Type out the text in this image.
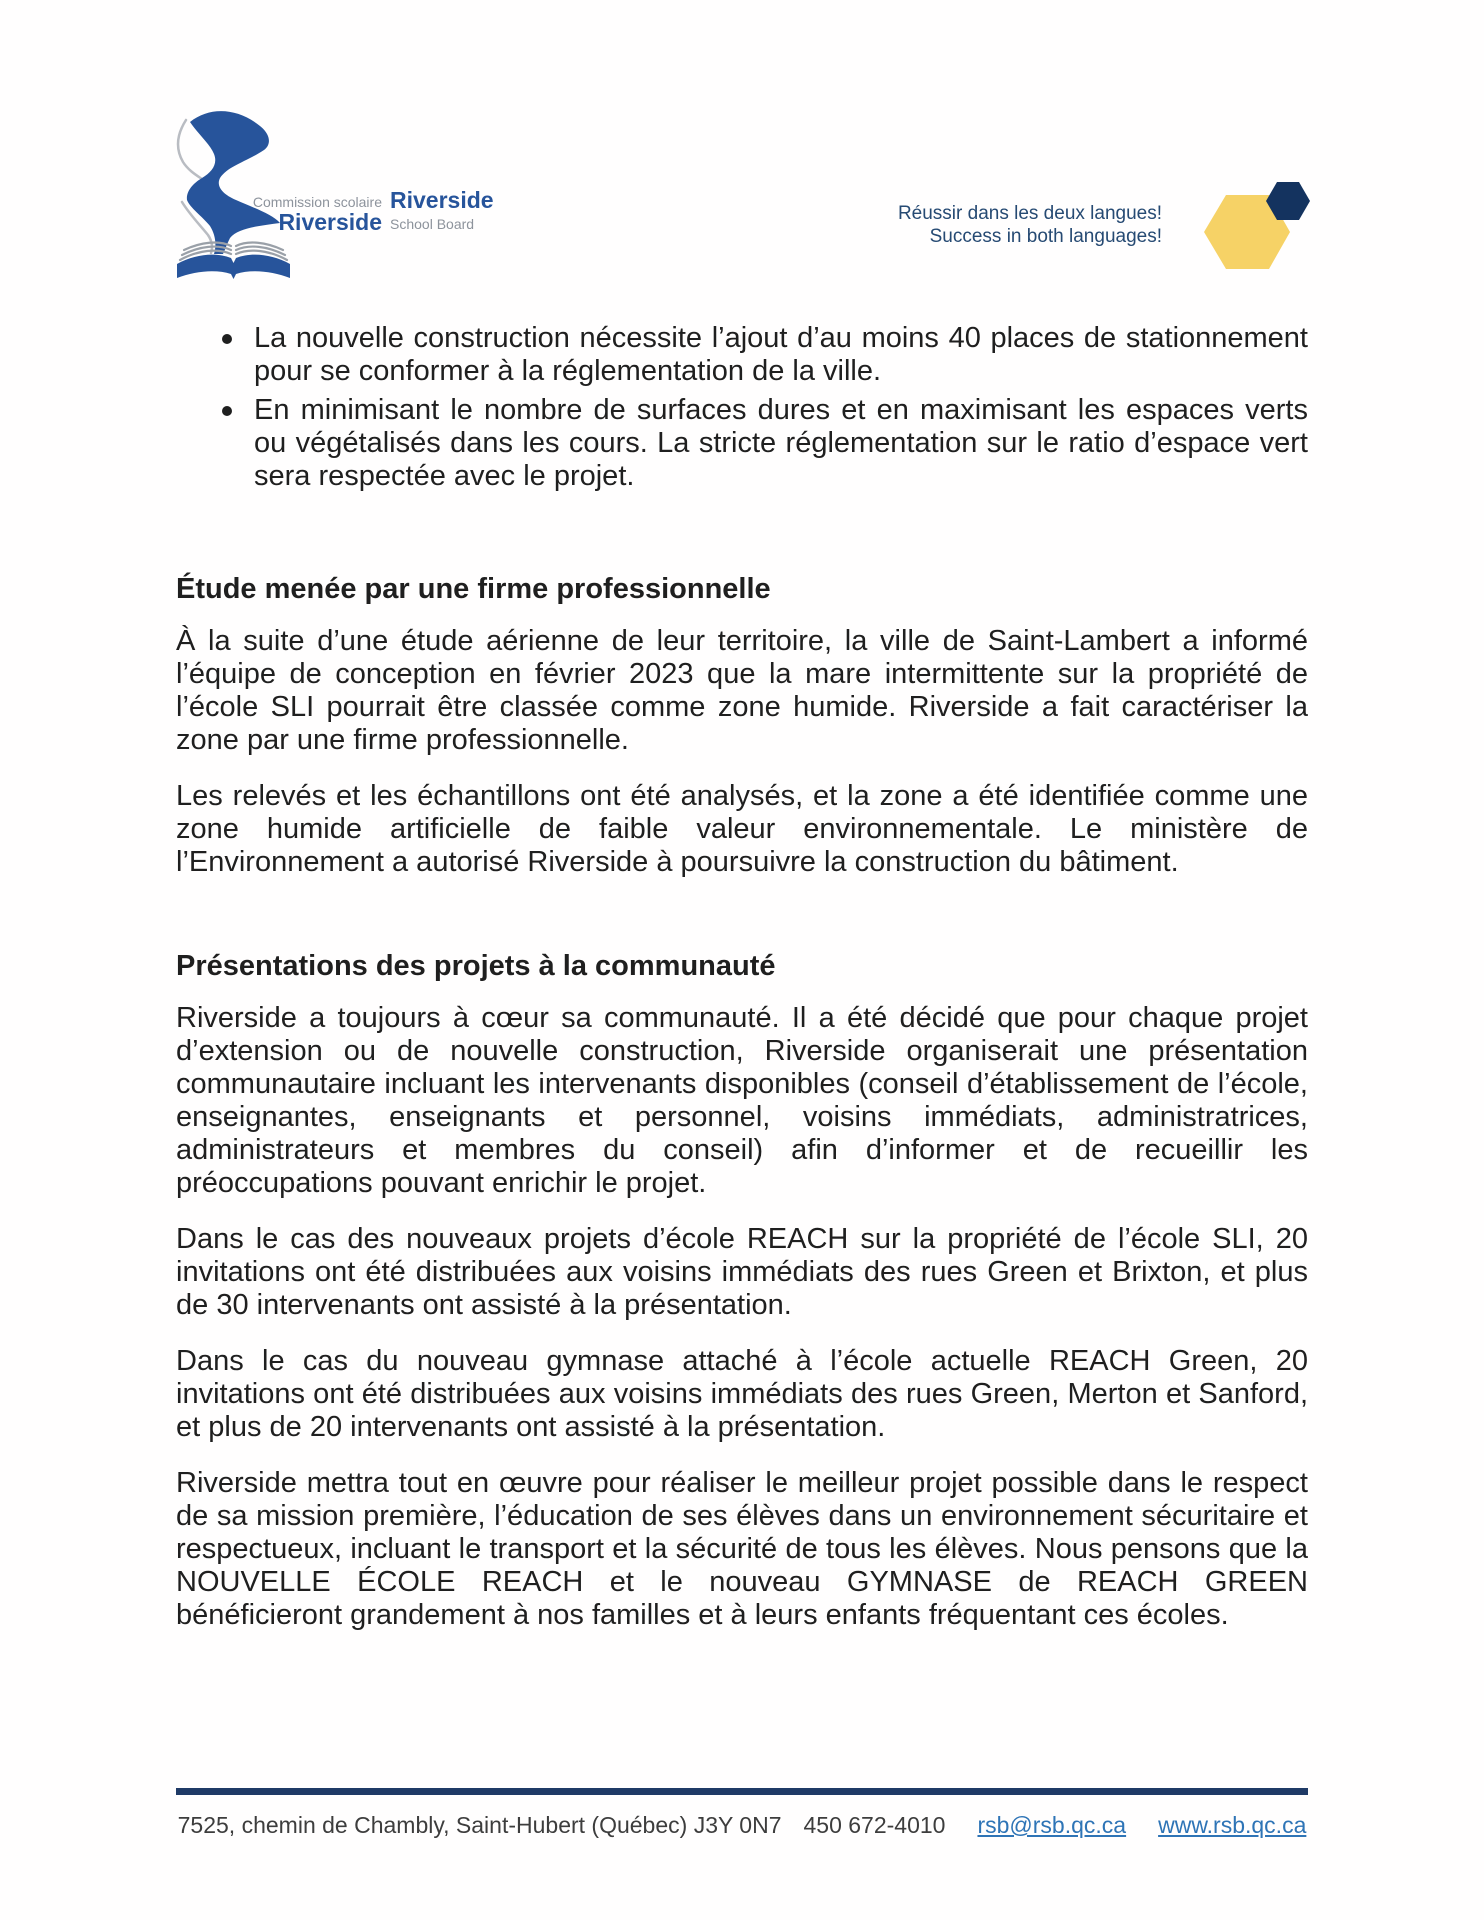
Commission scolaire Riverside
Riverside School Board	Réussir dans les deux langues!
Success in both languages!
La nouvelle construction nécessite l’ajout d’au moins 40 places de stationnement pour se conformer à la réglementation de la ville.
En minimisant le nombre de surfaces dures et en maximisant les espaces verts ou végétalisés dans les cours. La stricte réglementation sur le ratio d’espace vert sera respectée avec le projet.
Étude menée par une firme professionnelle

À la suite d’une étude aérienne de leur territoire, la ville de Saint-Lambert a informé l’équipe de conception en février 2023 que la mare intermittente sur la propriété de l’école SLI pourrait être classée comme zone humide. Riverside a fait caractériser la zone par une firme professionnelle.

Les relevés et les échantillons ont été analysés, et la zone a été identifiée comme une zone humide artificielle de faible valeur environnementale. Le ministère de l’Environnement a autorisé Riverside à poursuivre la construction du bâtiment.

Présentations des projets à la communauté

Riverside a toujours à cœur sa communauté. Il a été décidé que pour chaque projet d’extension ou de nouvelle construction, Riverside organiserait une présentation communautaire incluant les intervenants disponibles (conseil d’établissement de l’école, enseignantes, enseignants et personnel, voisins immédiats, administratrices, administrateurs et membres du conseil) afin d’informer et de recueillir les préoccupations pouvant enrichir le projet.

Dans le cas des nouveaux projets d’école REACH sur la propriété de l’école SLI, 20 invitations ont été distribuées aux voisins immédiats des rues Green et Brixton, et plus de 30 intervenants ont assisté à la présentation.

Dans le cas du nouveau gymnase attaché à l’école actuelle REACH Green, 20 invitations ont été distribuées aux voisins immédiats des rues Green, Merton et Sanford, et plus de 20 intervenants ont assisté à la présentation.

Riverside mettra tout en œuvre pour réaliser le meilleur projet possible dans le respect de sa mission première, l’éducation de ses élèves dans un environnement sécuritaire et respectueux, incluant le transport et la sécurité de tous les élèves. Nous pensons que la NOUVELLE ÉCOLE REACH et le nouveau GYMNASE de REACH GREEN bénéficieront grandement à nos familles et à leurs enfants fréquentant ces écoles.

7525, chemin de Chambly, Saint-Hubert (Québec) J3Y 0N7 450 672-4010 rsb@rsb.qc.ca www.rsb.qc.ca
